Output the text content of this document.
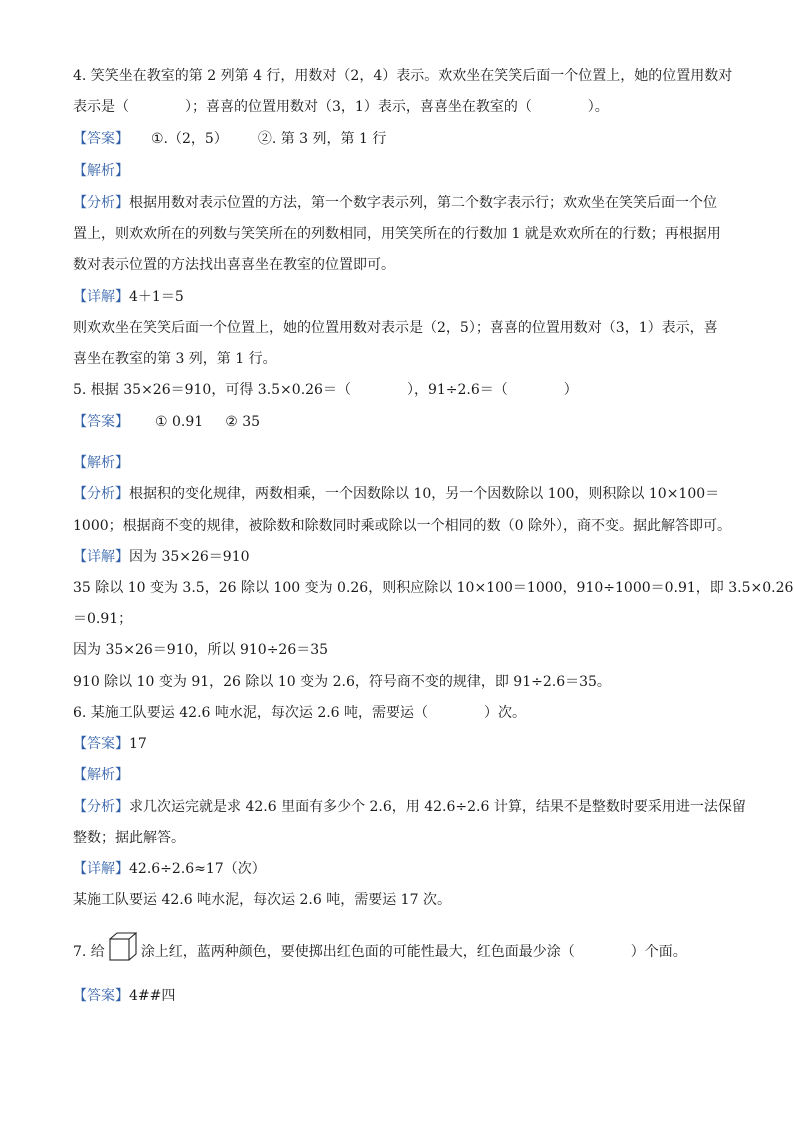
4. 笑笑坐在教室的第 2 列第 4 行，用数对（2，4）表示。欢欢坐在笑笑后面一个位置上，她的位置用数对
表示是（　　　　）；喜喜的位置用数对（3，1）表示，喜喜坐在教室的（　　　　）。
【答案】 ①.（2，5） ②. 第 3 列，第 1 行
【解析】
【分析】根据用数对表示位置的方法，第一个数字表示列，第二个数字表示行；欢欢坐在笑笑后面一个位
置上，则欢欢所在的列数与笑笑所在的列数相同，用笑笑所在的行数加 1 就是欢欢所在的行数；再根据用
数对表示位置的方法找出喜喜坐在教室的位置即可。
【详解】4＋1＝5
则欢欢坐在笑笑后面一个位置上，她的位置用数对表示是（2，5）；喜喜的位置用数对（3，1）表示，喜
喜坐在教室的第 3 列，第 1 行。
5. 根据 35×26＝910，可得 3.5×0.26＝（　　　　），91÷2.6＝（　　　　）
【答案】 ① 0.91 ② 35
【解析】
【分析】根据积的变化规律，两数相乘，一个因数除以 10，另一个因数除以 100，则积除以 10×100＝
1000；根据商不变的规律，被除数和除数同时乘或除以一个相同的数（0 除外），商不变。据此解答即可。
【详解】因为 35×26＝910
35 除以 10 变为 3.5，26 除以 100 变为 0.26，则积应除以 10×100＝1000，910÷1000＝0.91，即 3.5×0.26
＝0.91；
因为 35×26＝910，所以 910÷26＝35
910 除以 10 变为 91，26 除以 10 变为 2.6，符号商不变的规律，即 91÷2.6＝35。
6. 某施工队要运 42.6 吨水泥，每次运 2.6 吨，需要运（　　　　）次。
【答案】17
【解析】
【分析】求几次运完就是求 42.6 里面有多少个 2.6，用 42.6÷2.6 计算，结果不是整数时要采用进一法保留
整数；据此解答。
【详解】42.6÷2.6≈17（次）
某施工队要运 42.6 吨水泥，每次运 2.6 吨，需要运 17 次。
7. 给	涂上红，蓝两种颜色，要使掷出红色面的可能性最大，红色面最少涂（　　　　）个面。
【答案】4##四
